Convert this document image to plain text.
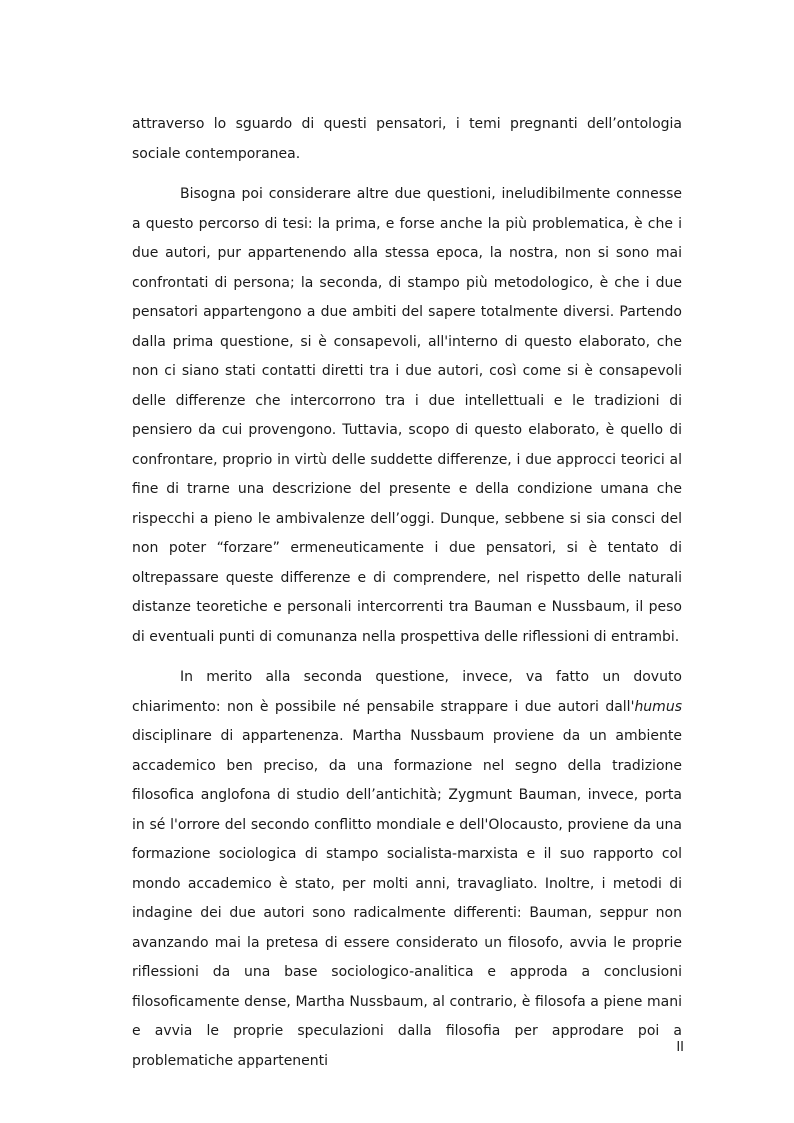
attraverso lo sguardo di questi pensatori, i temi pregnanti dell’ontologia sociale contemporanea.

Bisogna poi considerare altre due questioni, ineludibilmente connesse a questo percorso di tesi: la prima, e forse anche la più problematica, è che i due autori, pur appartenendo alla stessa epoca, la nostra, non si sono mai confrontati di persona; la seconda, di stampo più metodologico, è che i due pensatori appartengono a due ambiti del sapere totalmente diversi. Partendo dalla prima questione, si è consapevoli, all'interno di questo elaborato, che non ci siano stati contatti diretti tra i due autori, così come si è consapevoli delle differenze che intercorrono tra i due intellettuali e le tradizioni di pensiero da cui provengono. Tuttavia, scopo di questo elaborato, è quello di confrontare, proprio in virtù delle suddette differenze, i due approcci teorici al fine di trarne una descrizione del presente e della condizione umana che rispecchi a pieno le ambivalenze dell’oggi. Dunque, sebbene si sia consci del non poter “forzare” ermeneuticamente i due pensatori, si è tentato di oltrepassare queste differenze e di comprendere, nel rispetto delle naturali distanze teoretiche e personali intercorrenti tra Bauman e Nussbaum, il peso di eventuali punti di comunanza nella prospettiva delle riflessioni di entrambi.

In merito alla seconda questione, invece, va fatto un dovuto chiarimento: non è possibile né pensabile strappare i due autori dall'humus disciplinare di appartenenza. Martha Nussbaum proviene da un ambiente accademico ben preciso, da una formazione nel segno della tradizione filosofica anglofona di studio dell’antichità; Zygmunt Bauman, invece, porta in sé l'orrore del secondo conflitto mondiale e dell'Olocausto, proviene da una formazione sociologica di stampo socialista-marxista e il suo rapporto col mondo accademico è stato, per molti anni, travagliato. Inoltre, i metodi di indagine dei due autori sono radicalmente differenti: Bauman, seppur non avanzando mai la pretesa di essere considerato un filosofo, avvia le proprie riflessioni da una base sociologico-analitica e approda a conclusioni filosoficamente dense, Martha Nussbaum, al contrario, è filosofa a piene mani e avvia le proprie speculazioni dalla filosofia per approdare poi a problematiche appartenenti

II
